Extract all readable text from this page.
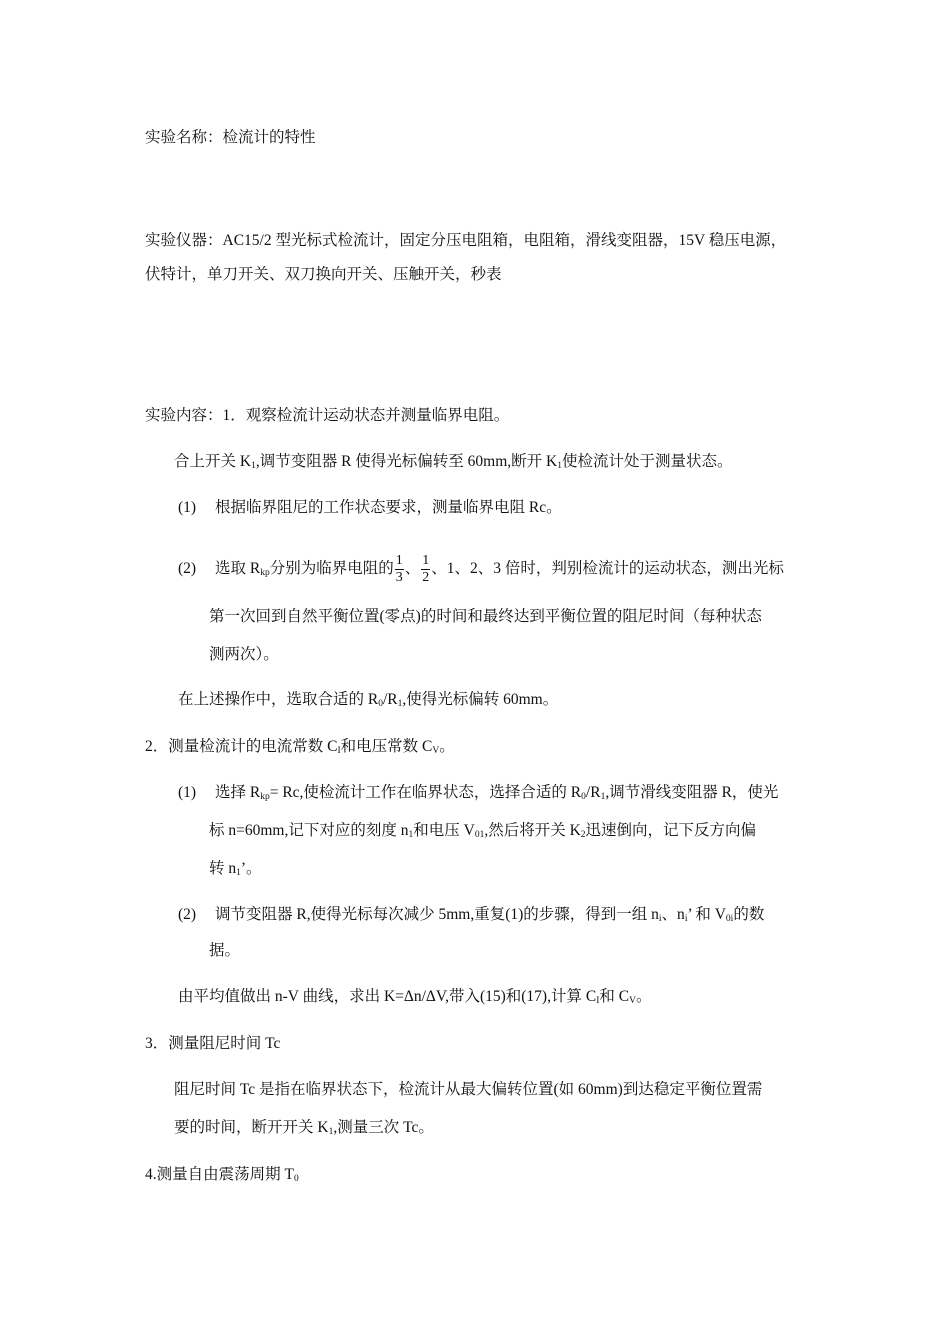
实验名称：检流计的特性
实验仪器：AC15/2 型光标式检流计，固定分压电阻箱，电阻箱，滑线变阻器，15V 稳压电源，
伏特计，单刀开关、双刀换向开关、压触开关，秒表
实验内容：1．观察检流计运动状态并测量临界电阻。
合上开关 $K_1$,调节变阻器 R 使得光标偏转至 60mm,断开 $K_1$使检流计处于测量状态。
(1) 根据临界阻尼的工作状态要求，测量临界电阻 Rc。
(2) 选取 $R_{kp}$分别为临界电阻的 $\frac{1}{3}$ 、 $\frac{1}{2}$ 、1、2、3 倍时，判别检流计的运动状态，测出光标
第一次回到自然平衡位置(零点)的时间和最终达到平衡位置的阻尼时间（每种状态
测两次）。
在上述操作中，选取合适的 $R_0/R_1$,使得光标偏转 60mm。
2．测量检流计的电流常数 $C_I$和电压常数 $C_V$。
(1) 选择 $R_{kp}= Rc$,使检流计工作在临界状态，选择合适的 $R_0/R_1$,调节滑线变阻器 R，使光
标 n=60mm,记下对应的刻度 $n_1$和电压 $V_{01}$,然后将开关 $K_2$迅速倒向，记下反方向偏
转 $n_1$’。
(2) 调节变阻器 R,使得光标每次减少 5mm,重复(1)的步骤，得到一组 $n_i$、$n_i$’ 和 $V_{0i}$的数
据。
由平均值做出 n-V 曲线，求出 K=Δn/ΔV,带入(15)和(17),计算 $C_I$和 $C_V$。
3．测量阻尼时间 Tc
阻尼时间 Tc 是指在临界状态下，检流计从最大偏转位置(如 60mm)到达稳定平衡位置需
要的时间，断开开关 $K_1$,测量三次 Tc。
4.测量自由震荡周期 $T_0$
